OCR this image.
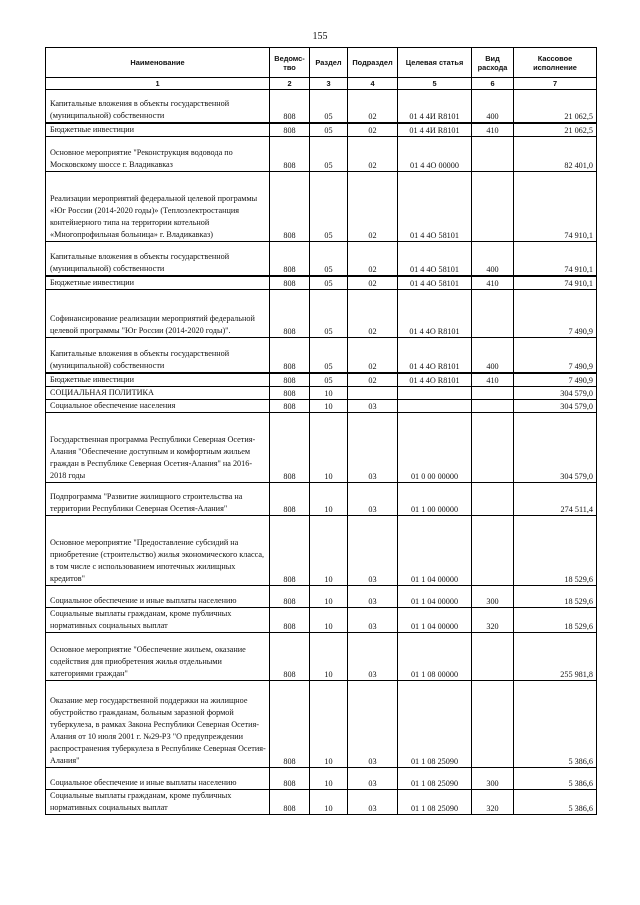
155
Наименование	Ведомс-тво	Раздел	Подраздел	Целевая статья	Вид расхода	Кассовое исполнение
1	2	3	4	5	6	7
Капитальные вложения в объекты государственной (муниципальной) собственности	808	05	02	01 4 4И R8101	400	21 062,5
Бюджетные инвестиции	808	05	02	01 4 4И R8101	410	21 062,5
Основное мероприятие "Реконструкция водовода по Московскому шоссе г. Владикавказ	808	05	02	01 4 4О 00000		82 401,0
Реализации мероприятий федеральной целевой программы «Юг России (2014-2020 годы)» (Теплоэлектростанция контейнерного типа на территории котельной «Многопрофильная больница» г. Владикавказ)	808	05	02	01 4 4О 58101		74 910,1
Капитальные вложения в объекты государственной (муниципальной) собственности	808	05	02	01 4 4О 58101	400	74 910,1
Бюджетные инвестиции	808	05	02	01 4 4О 58101	410	74 910,1
Софинансирование реализации мероприятий федеральной целевой программы "Юг России (2014-2020 годы)".	808	05	02	01 4 4О R8101		7 490,9
Капитальные вложения в объекты государственной (муниципальной) собственности	808	05	02	01 4 4О R8101	400	7 490,9
Бюджетные инвестиции	808	05	02	01 4 4О R8101	410	7 490,9
СОЦИАЛЬНАЯ ПОЛИТИКА	808	10				304 579,0
Социальное обеспечение населения	808	10	03			304 579,0
Государственная программа Республики Северная Осетия-Алания "Обеспечение доступным и комфортным жильем граждан в Республике Северная Осетия-Алания" на 2016-2018 годы	808	10	03	01 0 00 00000		304 579,0
Подпрограмма "Развитие жилищного строительства на территории Республики Северная Осетия-Алания"	808	10	03	01 1 00 00000		274 511,4
Основное мероприятие "Предоставление субсидий на приобретение (строительство) жилья экономического класса, в том числе с использованием ипотечных жилищных кредитов"	808	10	03	01 1 04 00000		18 529,6
Социальное обеспечение и иные выплаты населению	808	10	03	01 1 04 00000	300	18 529,6
Социальные выплаты гражданам, кроме публичных нормативных социальных выплат	808	10	03	01 1 04 00000	320	18 529,6
Основное мероприятие "Обеспечение жильем, оказание содействия для приобретения жилья отдельными категориями граждан"	808	10	03	01 1 08 00000		255 981,8
Оказание мер государственной поддержки на жилищное обустройство гражданам, больным заразной формой туберкулеза, в рамках Закона Республики Северная Осетия-Алания от 10 июля 2001 г. №29-РЗ "О предупреждении распространения туберкулеза в Республике Северная Осетия-Алания"	808	10	03	01 1 08 25090		5 386,6
Социальное обеспечение и иные выплаты населению	808	10	03	01 1 08 25090	300	5 386,6
Социальные выплаты гражданам, кроме публичных нормативных социальных выплат	808	10	03	01 1 08 25090	320	5 386,6
